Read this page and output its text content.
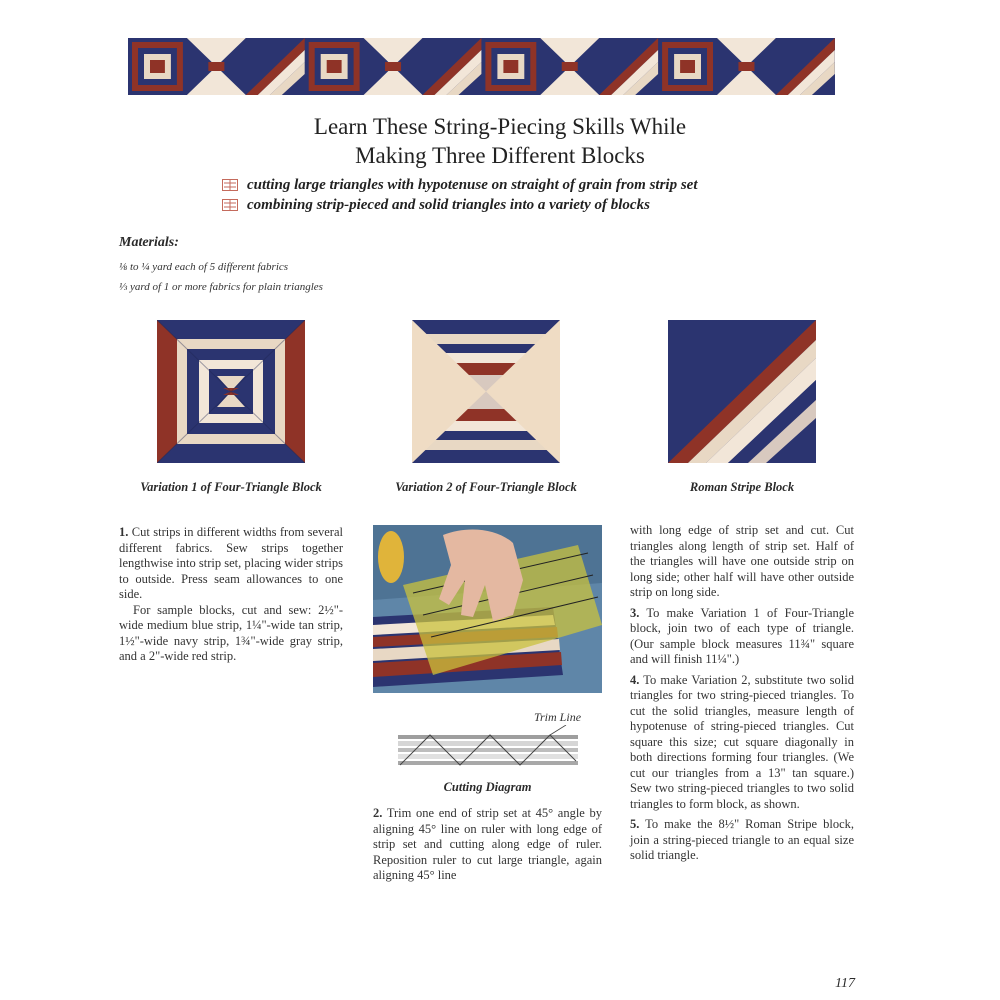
Learn These String-Piecing Skills While
Making Three Different Blocks
cutting large triangles with hypotenuse on straight of grain from strip set
combining strip-pieced and solid triangles into a variety of blocks
Materials:
⅛ to ¼ yard each of 5 different fabrics
⅓ yard of 1 or more fabrics for plain triangles
Variation 1 of Four-Triangle Block	Variation 2 of Four-Triangle Block	Roman Stripe Block

1. Cut strips in different widths from several different fabrics. Sew strips together lengthwise into strip set, placing wider strips to outside. Press seam allowances to one side.

For sample blocks, cut and sew: 2½"-wide medium blue strip, 1¼"-wide tan strip, 1½"-wide navy strip, 1¾"-wide gray strip, and a 2"-wide red strip.

Trim Line
Cutting Diagram

2. Trim one end of strip set at 45° angle by aligning 45° line on ruler with long edge of strip set and cutting along edge of ruler. Reposition ruler to cut large triangle, again aligning 45° line

with long edge of strip set and cut. Cut triangles along length of strip set. Half of the triangles will have one outside strip on long side; other half will have other outside strip on long side.

3. To make Variation 1 of Four-Triangle block, join two of each type of triangle. (Our sample block measures 11¾" square and will finish 11¼".)

4. To make Variation 2, substitute two solid triangles for two string-pieced triangles. To cut the solid triangles, measure length of hypotenuse of string-pieced triangles. Cut square this size; cut square diagonally in both directions forming four triangles. (We cut our triangles from a 13" tan square.) Sew two string-pieced triangles to two solid triangles to form block, as shown.

5. To make the 8½" Roman Stripe block, join a string-pieced triangle to an equal size solid triangle.

117
